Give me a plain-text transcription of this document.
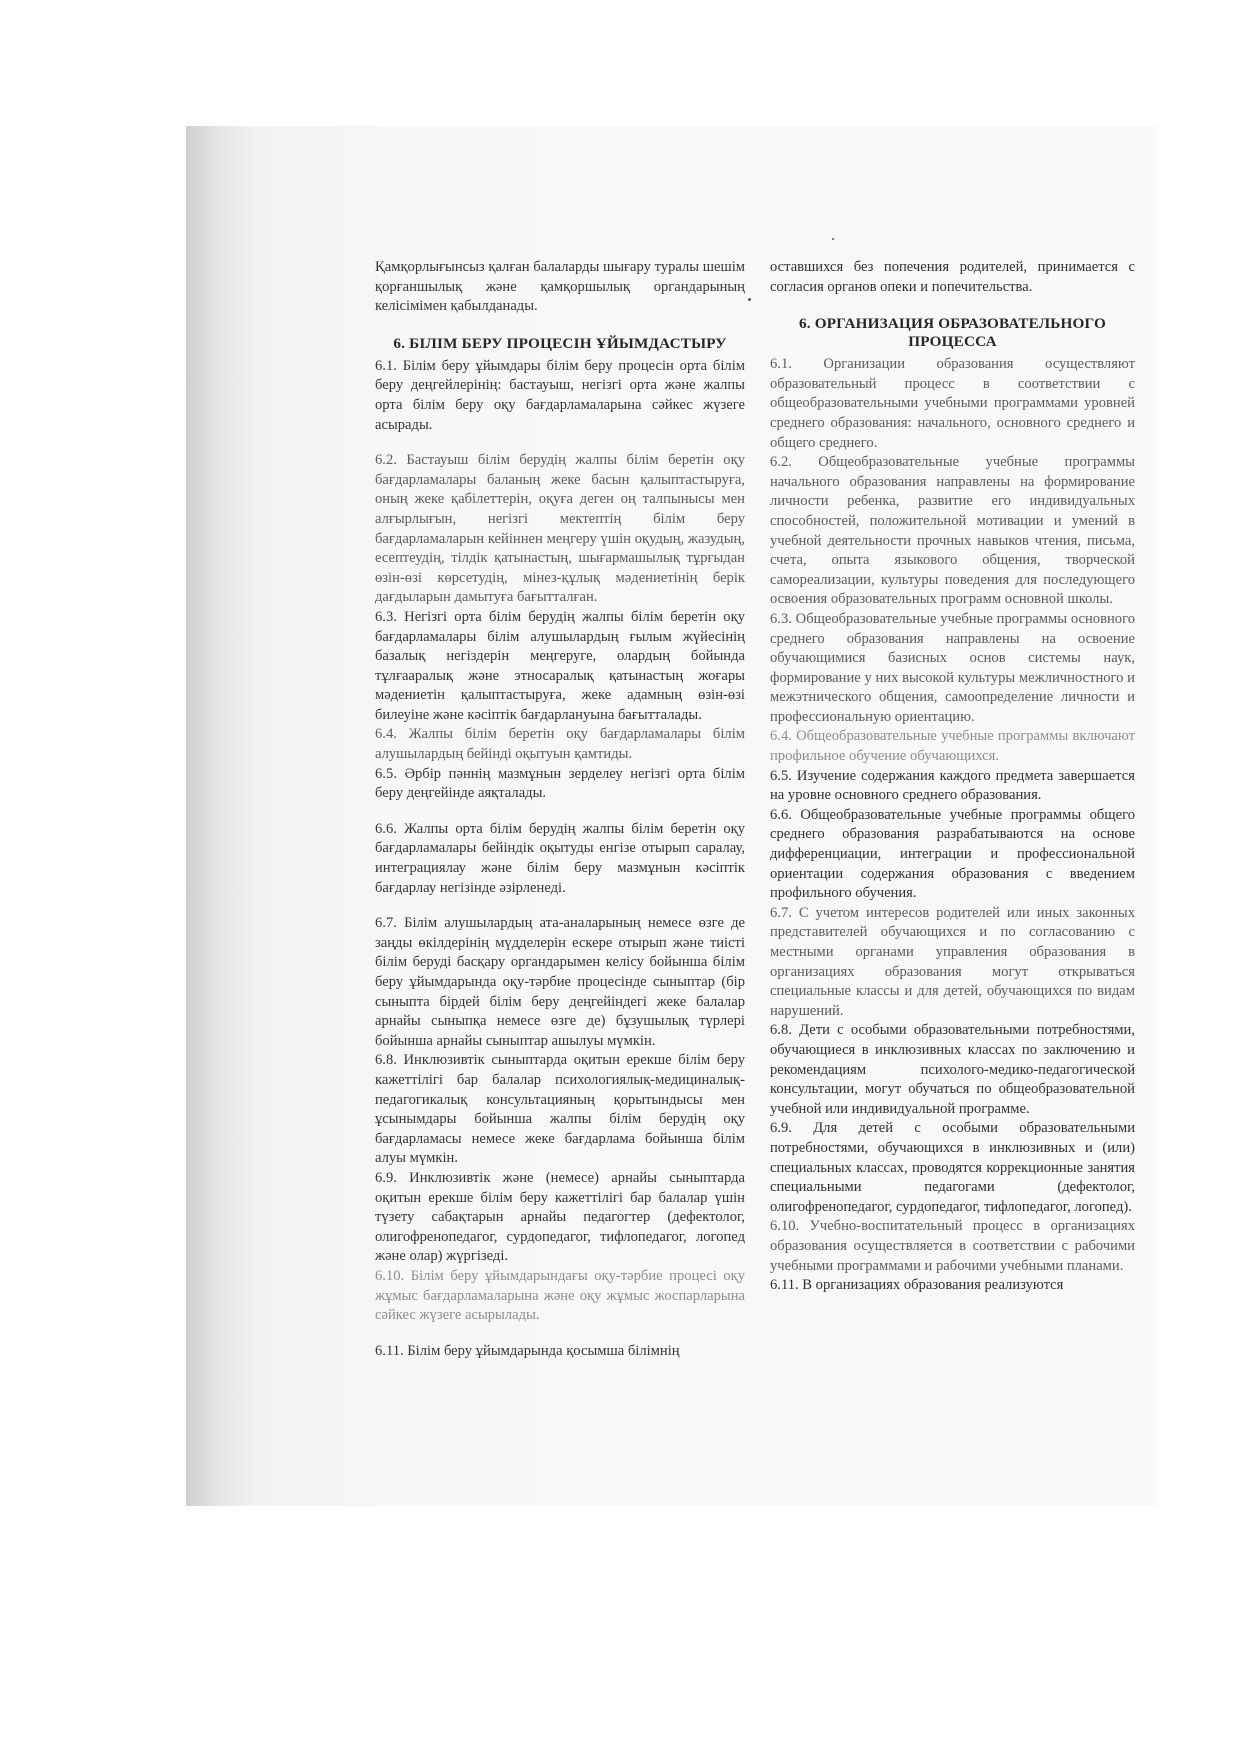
Қамқорлығынсыз қалған балаларды шығару туралы шешім қорғаншылық және қамқоршылық органдарының келісімімен қабылданады.

6. БІЛІМ БЕРУ ПРОЦЕСІН ҰЙЫМДАСТЫРУ

6.1. Білім беру ұйымдары білім беру процесін орта білім беру деңгейлерінің: бастауыш, негізгі орта және жалпы орта білім беру оқу бағдарламаларына сәйкес жүзеге асырады.

6.2. Бастауыш білім берудің жалпы білім беретін оқу бағдарламалары баланың жеке басын қалыптастыруға, оның жеке қабілеттерін, оқуға деген оң талпынысы мен алғырлығын, негізгі мектептің білім беру бағдарламаларын кейіннен меңгеру үшін оқудың, жазудың, есептеудің, тілдік қатынастың, шығармашылық тұрғыдан өзін-өзі көрсетудің, мінез-құлық мәдениетінің берік дағдыларын дамытуға бағытталған.

6.3. Негізгі орта білім берудің жалпы білім беретін оқу бағдарламалары білім алушылардың ғылым жүйесінің базалық негіздерін меңгеруге, олардың бойында тұлғааралық және этносаралық қатынастың жоғары мәдениетін қалыптастыруға, жеке адамның өзін-өзі билеуіне және кәсіптік бағдарлануына бағытталады.

6.4. Жалпы білім беретін оқу бағдарламалары білім алушылардың бейінді оқытуын қамтиды.

6.5. Әрбір пәннің мазмұнын зерделеу негізгі орта білім беру деңгейінде аяқталады.

6.6. Жалпы орта білім берудің жалпы білім беретін оқу бағдарламалары бейіндік оқытуды енгізе отырып саралау, интеграциялау және білім беру мазмұнын кәсіптік бағдарлау негізінде әзірленеді.

6.7. Білім алушылардың ата-аналарының немесе өзге де заңды өкілдерінің мүдделерін ескере отырып және тиісті білім беруді басқару органдарымен келісу бойынша білім беру ұйымдарында оқу-тәрбие процесінде сыныптар (бір сыныпта бірдей білім беру деңгейіндегі жеке балалар арнайы сыныпқа немесе өзге де) бұзушылық түрлері бойынша арнайы сыныптар ашылуы мүмкін.

6.8. Инклюзивтік сыныптарда оқитын ерекше білім беру кажеттілігі бар балалар психологиялық-медициналық-педагогикалық консультацияның қорытындысы мен ұсынымдары бойынша жалпы білім берудің оқу бағдарламасы немесе жеке бағдарлама бойынша білім алуы мүмкін.

6.9. Инклюзивтік және (немесе) арнайы сыныптарда оқитын ерекше білім беру кажеттілігі бар балалар үшін түзету сабақтарын арнайы педагогтер (дефектолог, олигофренопедагог, сурдопедагог, тифлопедагог, логопед және олар) жүргізеді.

6.10. Білім беру ұйымдарындағы оқу-тәрбие процесі оқу жұмыс бағдарламаларына және оқу жұмыс жоспарларына сәйкес жүзеге асырылады.

6.11. Білім беру ұйымдарында қосымша білімнің

оставшихся без попечения родителей, принимается с согласия органов опеки и попечительства.

6. ОРГАНИЗАЦИЯ ОБРАЗОВАТЕЛЬНОГО ПРОЦЕССА

6.1. Организации образования осуществляют образовательный процесс в соответствии с общеобразовательными учебными программами уровней среднего образования: начального, основного среднего и общего среднего.

6.2. Общеобразовательные учебные программы начального образования направлены на формирование личности ребенка, развитие его индивидуальных способностей, положительной мотивации и умений в учебной деятельности прочных навыков чтения, письма, счета, опыта языкового общения, творческой самореализации, культуры поведения для последующего освоения образовательных программ основной школы.

6.3. Общеобразовательные учебные программы основного среднего образования направлены на освоение обучающимися базисных основ системы наук, формирование у них высокой культуры межличностного и межэтнического общения, самоопределение личности и профессиональную ориентацию.

6.4. Общеобразовательные учебные программы включают профильное обучение обучающихся.

6.5. Изучение содержания каждого предмета завершается на уровне основного среднего образования.

6.6. Общеобразовательные учебные программы общего среднего образования разрабатываются на основе дифференциации, интеграции и профессиональной ориентации содержания образования с введением профильного обучения.

6.7. С учетом интересов родителей или иных законных представителей обучающихся и по согласованию с местными органами управления образования в организациях образования могут открываться специальные классы и для детей, обучающихся по видам нарушений.

6.8. Дети с особыми образовательными потребностями, обучающиеся в инклюзивных классах по заключению и рекомендациям психолого-медико-педагогической консультации, могут обучаться по общеобразовательной учебной или индивидуальной программе.

6.9. Для детей с особыми образовательными потребностями, обучающихся в инклюзивных и (или) специальных классах, проводятся коррекционные занятия специальными педагогами (дефектолог, олигофренопедагог, сурдопедагог, тифлопедагог, логопед).

6.10. Учебно-воспитательный процесс в организациях образования осуществляется в соответствии с рабочими учебными программами и рабочими учебными планами.

6.11. В организациях образования реализуются
